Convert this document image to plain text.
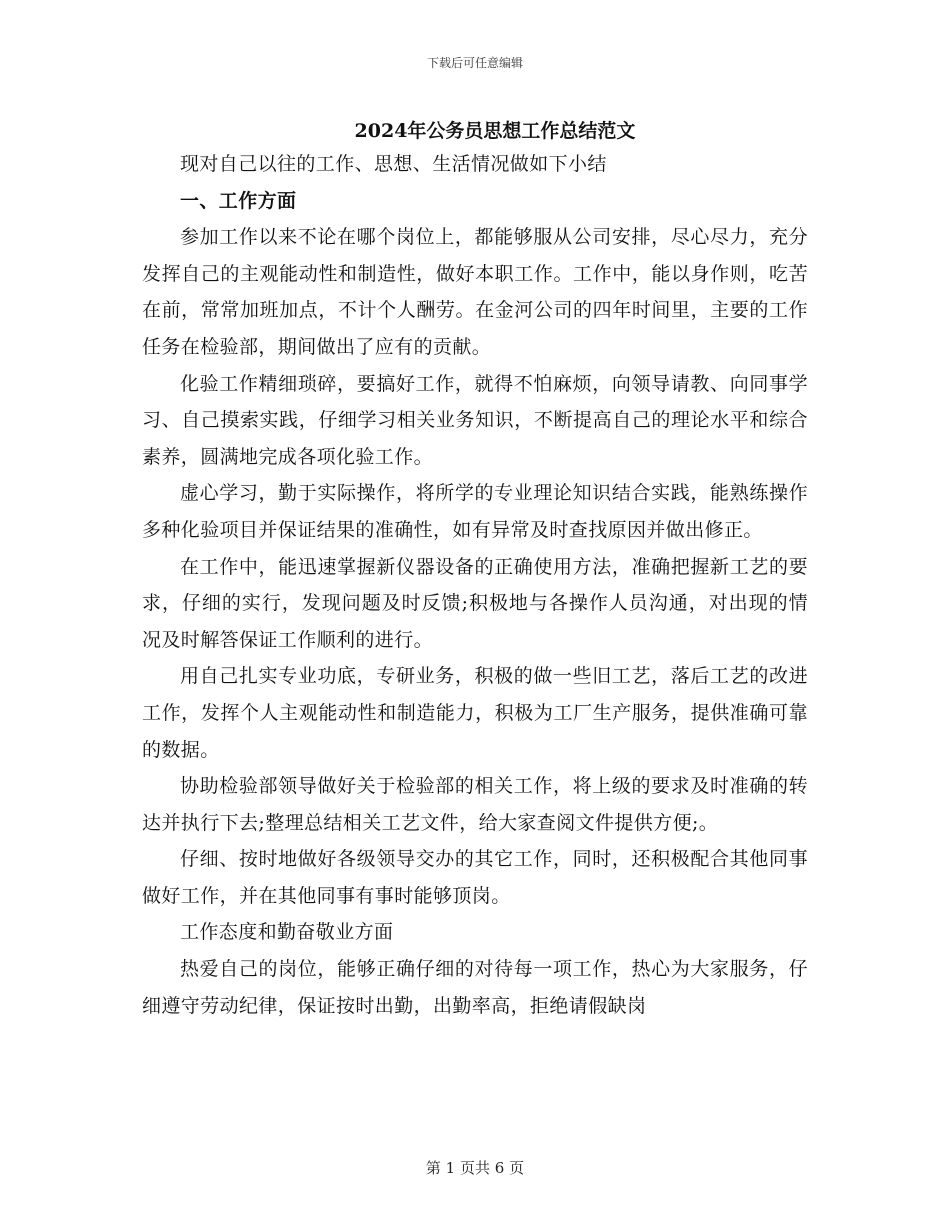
下载后可任意编辑
2024年公务员思想工作总结范文

现对自己以往的工作、思想、生活情况做如下小结

一、工作方面

参加工作以来不论在哪个岗位上，都能够服从公司安排，尽心尽力，充分发挥自己的主观能动性和制造性，做好本职工作。工作中，能以身作则，吃苦在前，常常加班加点，不计个人酬劳。在金河公司的四年时间里，主要的工作任务在检验部，期间做出了应有的贡献。

化验工作精细琐碎，要搞好工作，就得不怕麻烦，向领导请教、向同事学习、自己摸索实践，仔细学习相关业务知识，不断提高自己的理论水平和综合素养，圆满地完成各项化验工作。

虚心学习，勤于实际操作，将所学的专业理论知识结合实践，能熟练操作多种化验项目并保证结果的准确性，如有异常及时查找原因并做出修正。

在工作中，能迅速掌握新仪器设备的正确使用方法，准确把握新工艺的要求，仔细的实行，发现问题及时反馈;积极地与各操作人员沟通，对出现的情况及时解答保证工作顺利的进行。

用自己扎实专业功底，专研业务，积极的做一些旧工艺，落后工艺的改进工作，发挥个人主观能动性和制造能力，积极为工厂生产服务，提供准确可靠的数据。

协助检验部领导做好关于检验部的相关工作，将上级的要求及时准确的转达并执行下去;整理总结相关工艺文件，给大家查阅文件提供方便;。

仔细、按时地做好各级领导交办的其它工作，同时，还积极配合其他同事做好工作，并在其他同事有事时能够顶岗。

工作态度和勤奋敬业方面

热爱自己的岗位，能够正确仔细的对待每一项工作，热心为大家服务，仔细遵守劳动纪律，保证按时出勤，出勤率高，拒绝请假缺岗

第 1 页共 6 页
